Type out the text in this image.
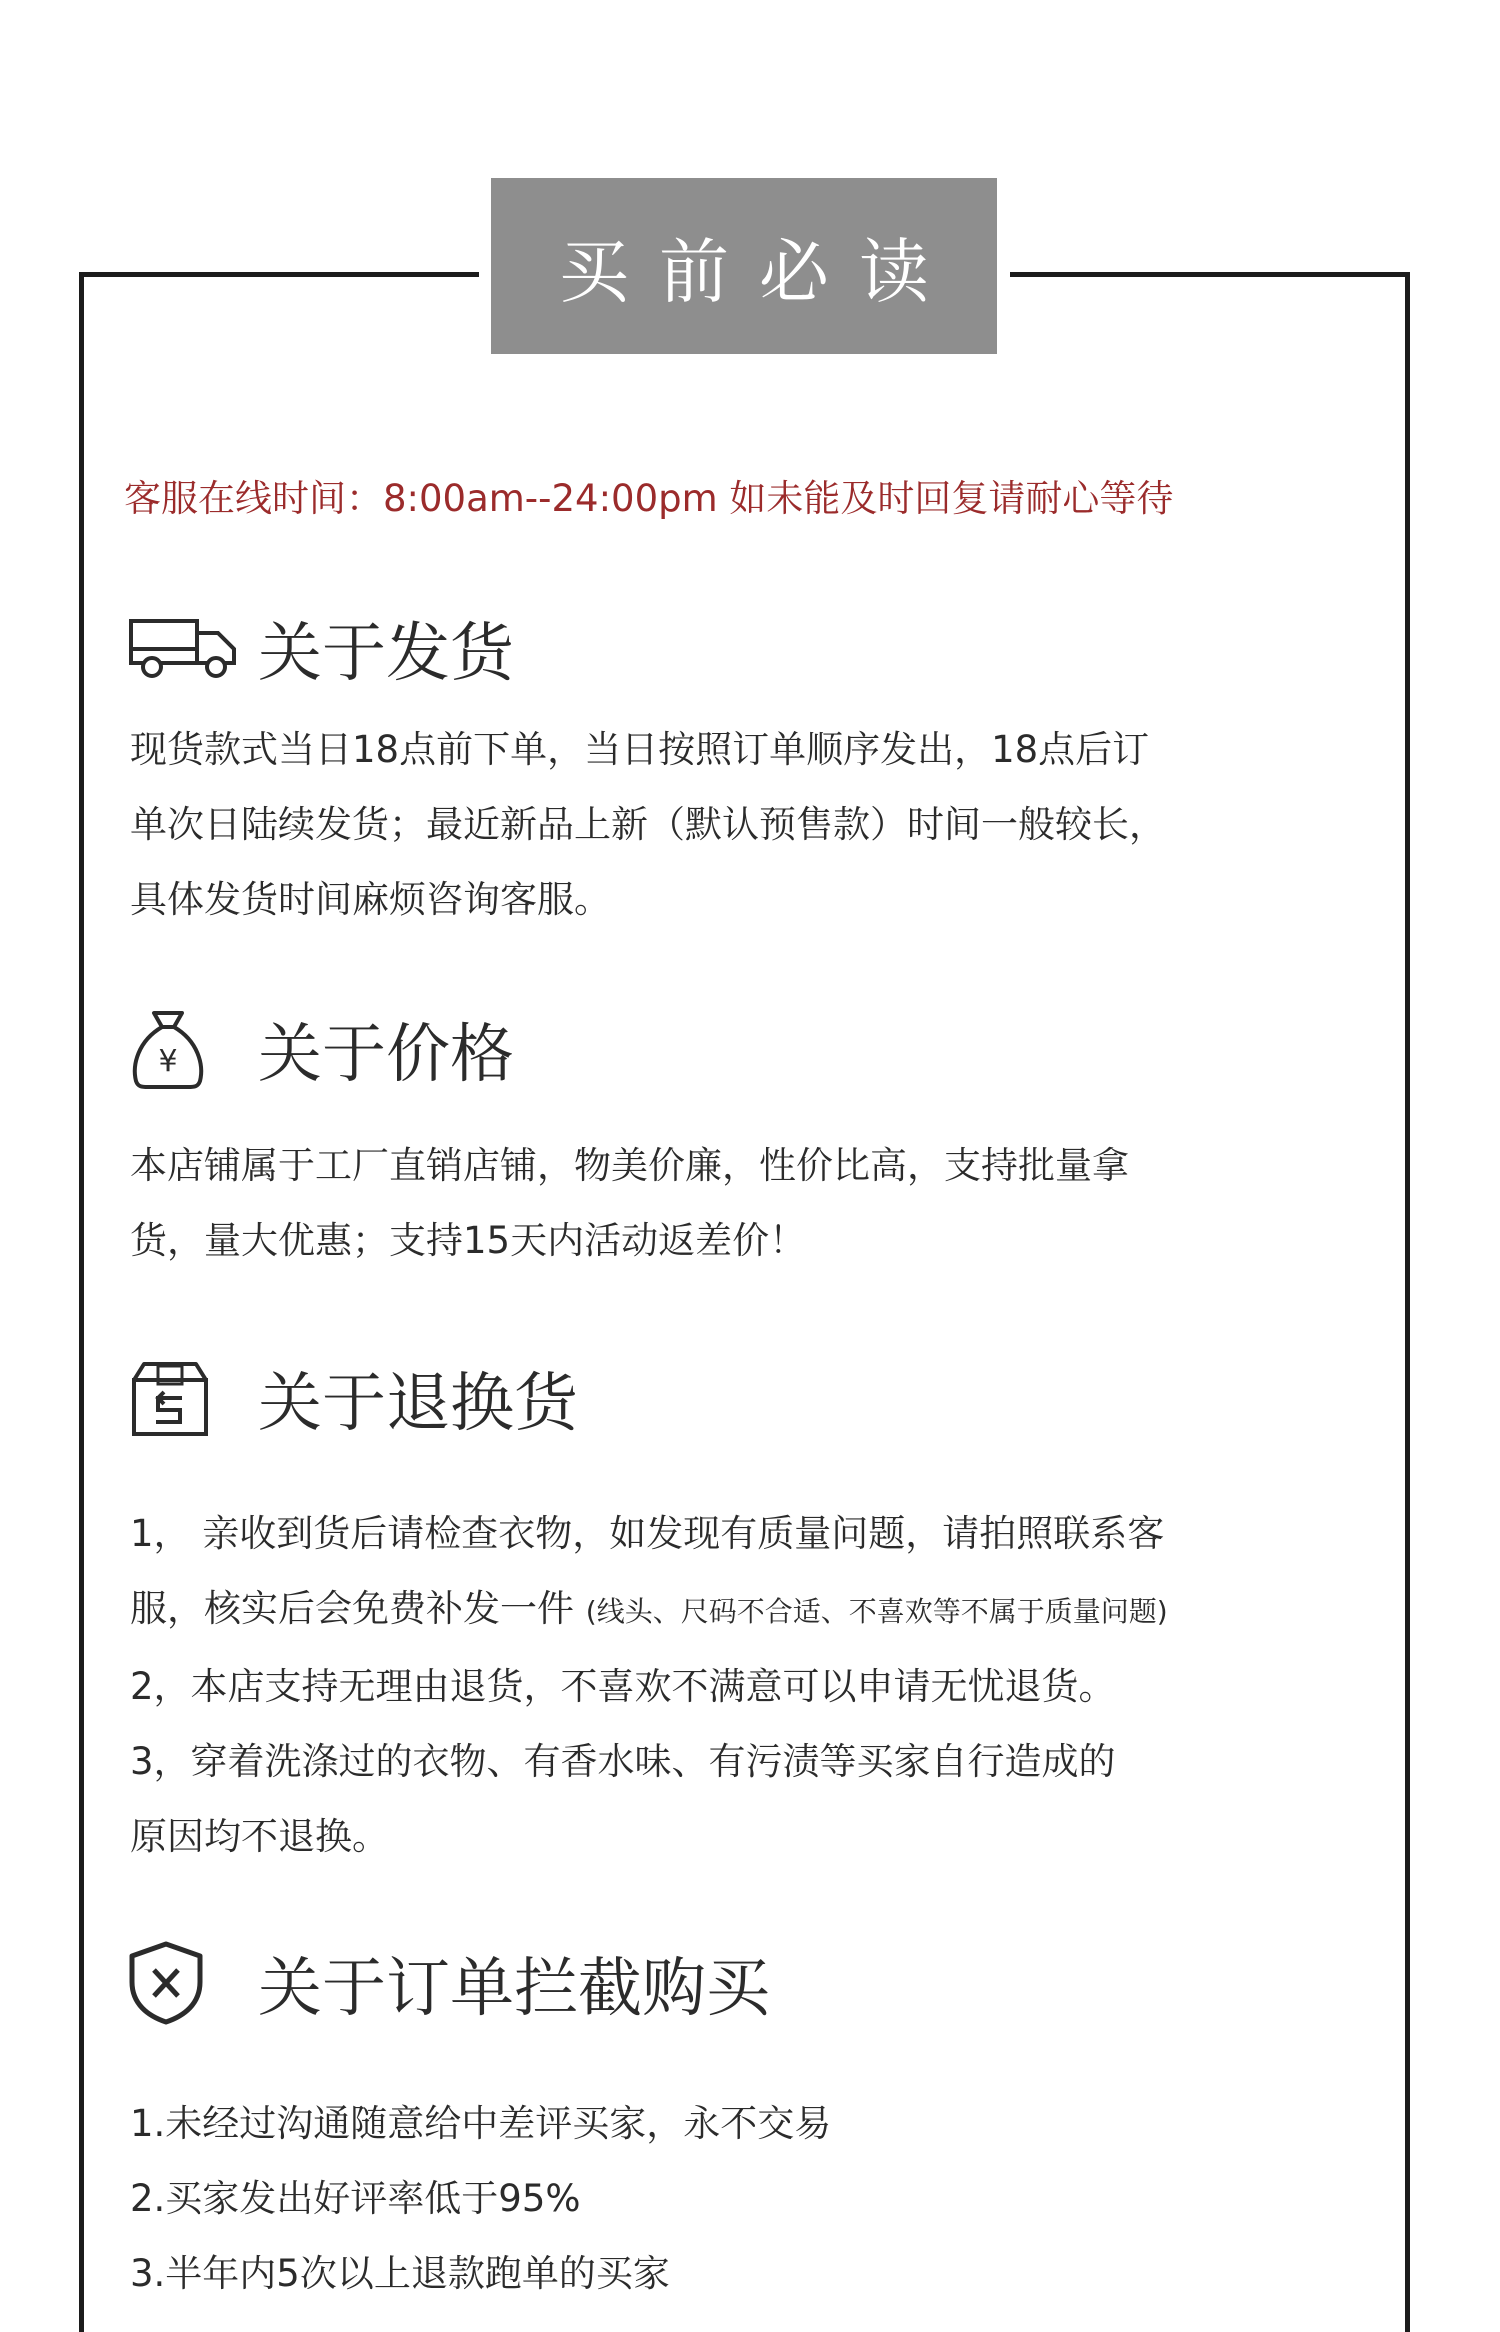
买前必读
客服在线时间：8:00am--24:00pm 如未能及时回复请耐心等待
关于发货
现货款式当日18点前下单，当日按照订单顺序发出，18点后订
单次日陆续发货；最近新品上新（默认预售款）时间一般较长，
具体发货时间麻烦咨询客服。
¥ 关于价格
本店铺属于工厂直销店铺，物美价廉，性价比高，支持批量拿
货，量大优惠；支持15天内活动返差价！
关于退换货
1， 亲收到货后请检查衣物，如发现有质量问题，请拍照联系客
服，核实后会免费补发一件 (线头、尺码不合适、不喜欢等不属于质量问题)
2，本店支持无理由退货，不喜欢不满意可以申请无忧退货。
3，穿着洗涤过的衣物、有香水味、有污渍等买家自行造成的
原因均不退换。
关于订单拦截购买
1.未经过沟通随意给中差评买家，永不交易
2.买家发出好评率低于95%
3.半年内5次以上退款跑单的买家
